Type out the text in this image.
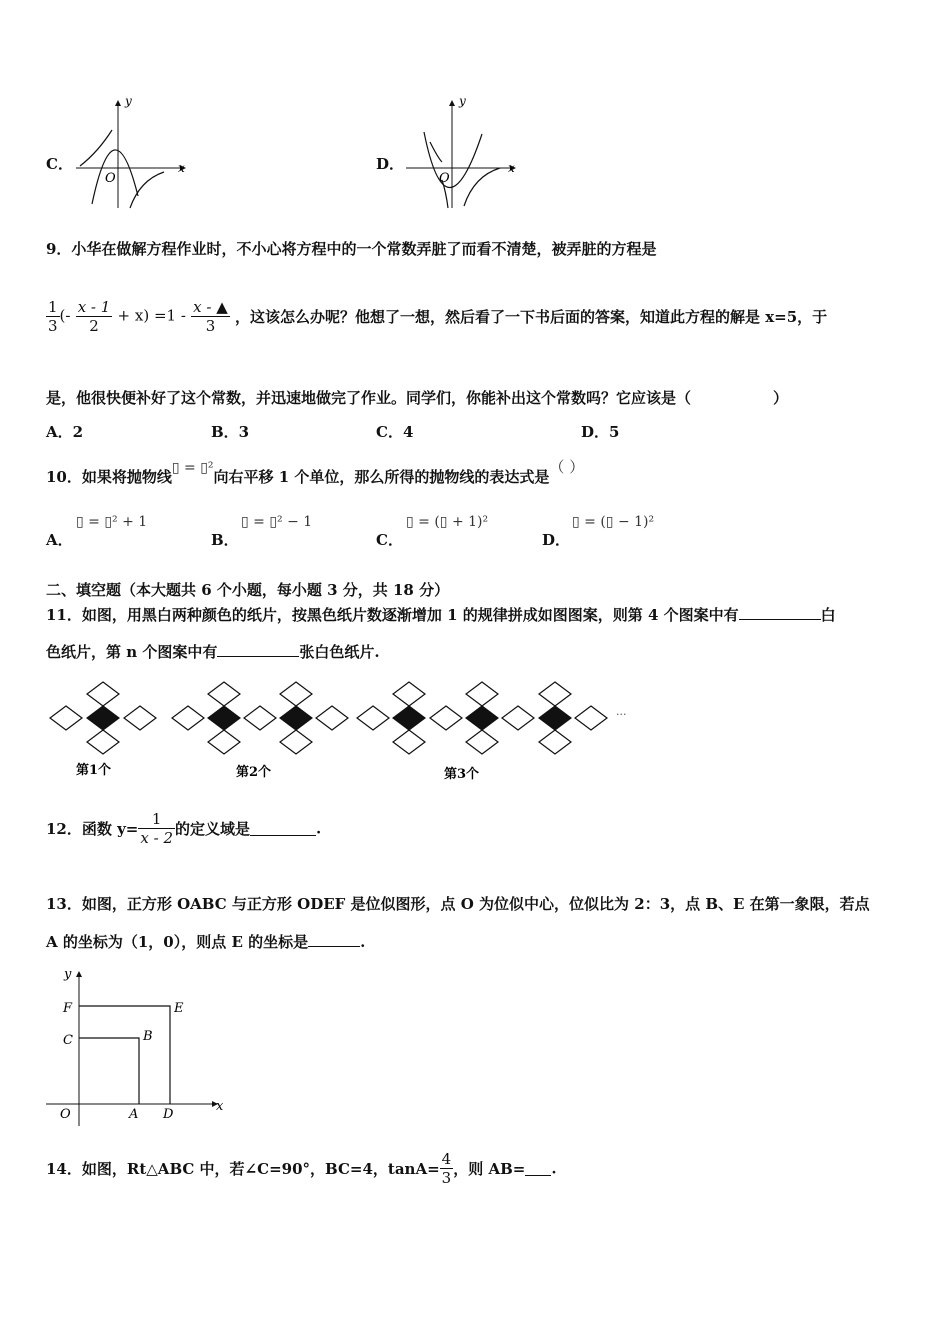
C．
y
x
O
D．
y
x
O
9．小华在做解方程作业时，不小心将方程中的一个常数弄脏了而看不清楚，被弄脏的方程是
$\frac{1}{3}$ (- $\frac{x - 1}{2} + x) =1 - \frac{x - ▲}{3}$ ，这该怎么办呢？他想了一想，然后看了一下书后面的答案，知道此方程的解是 x=5，于
是，他很快便补好了这个常数，并迅速地做完了作业。同学们，你能补出这个常数吗？它应该是（	）
A．2	B．3	C．4	D．5
10．如果将抛物线▯ = ▯²向右平移 1 个单位，那么所得的抛物线的表达式是（ ）
A．
▯ = ▯² + 1
B．
▯ = ▯² − 1
C．
▯ = (▯ + 1)²
D．
▯ = (▯ − 1)²
二、填空题（本大题共 6 个小题，每小题 3 分，共 18 分）
11．如图，用黑白两种颜色的纸片，按黑色纸片数逐渐增加 1 的规律拼成如图图案，则第 4 个图案中有	白
色纸片，第 n 个图案中有	张白色纸片.
···
第1个	第2个	第3个
12．函数 $y= \frac{1}{x - 2}$ 的定义域是	.
13．如图，正方形 OABC 与正方形 ODEF 是位似图形，点 O 为位似中心，位似比为 2：3，点 B、E 在第一象限，若点
A 的坐标为（1，0），则点 E 的坐标是	.
y
x
F	E
C	B
O	A D
14．如图，Rt△ABC 中，若∠C=90°，BC=4，$\tan A= \frac{4}{3}$ ，则 AB= .
